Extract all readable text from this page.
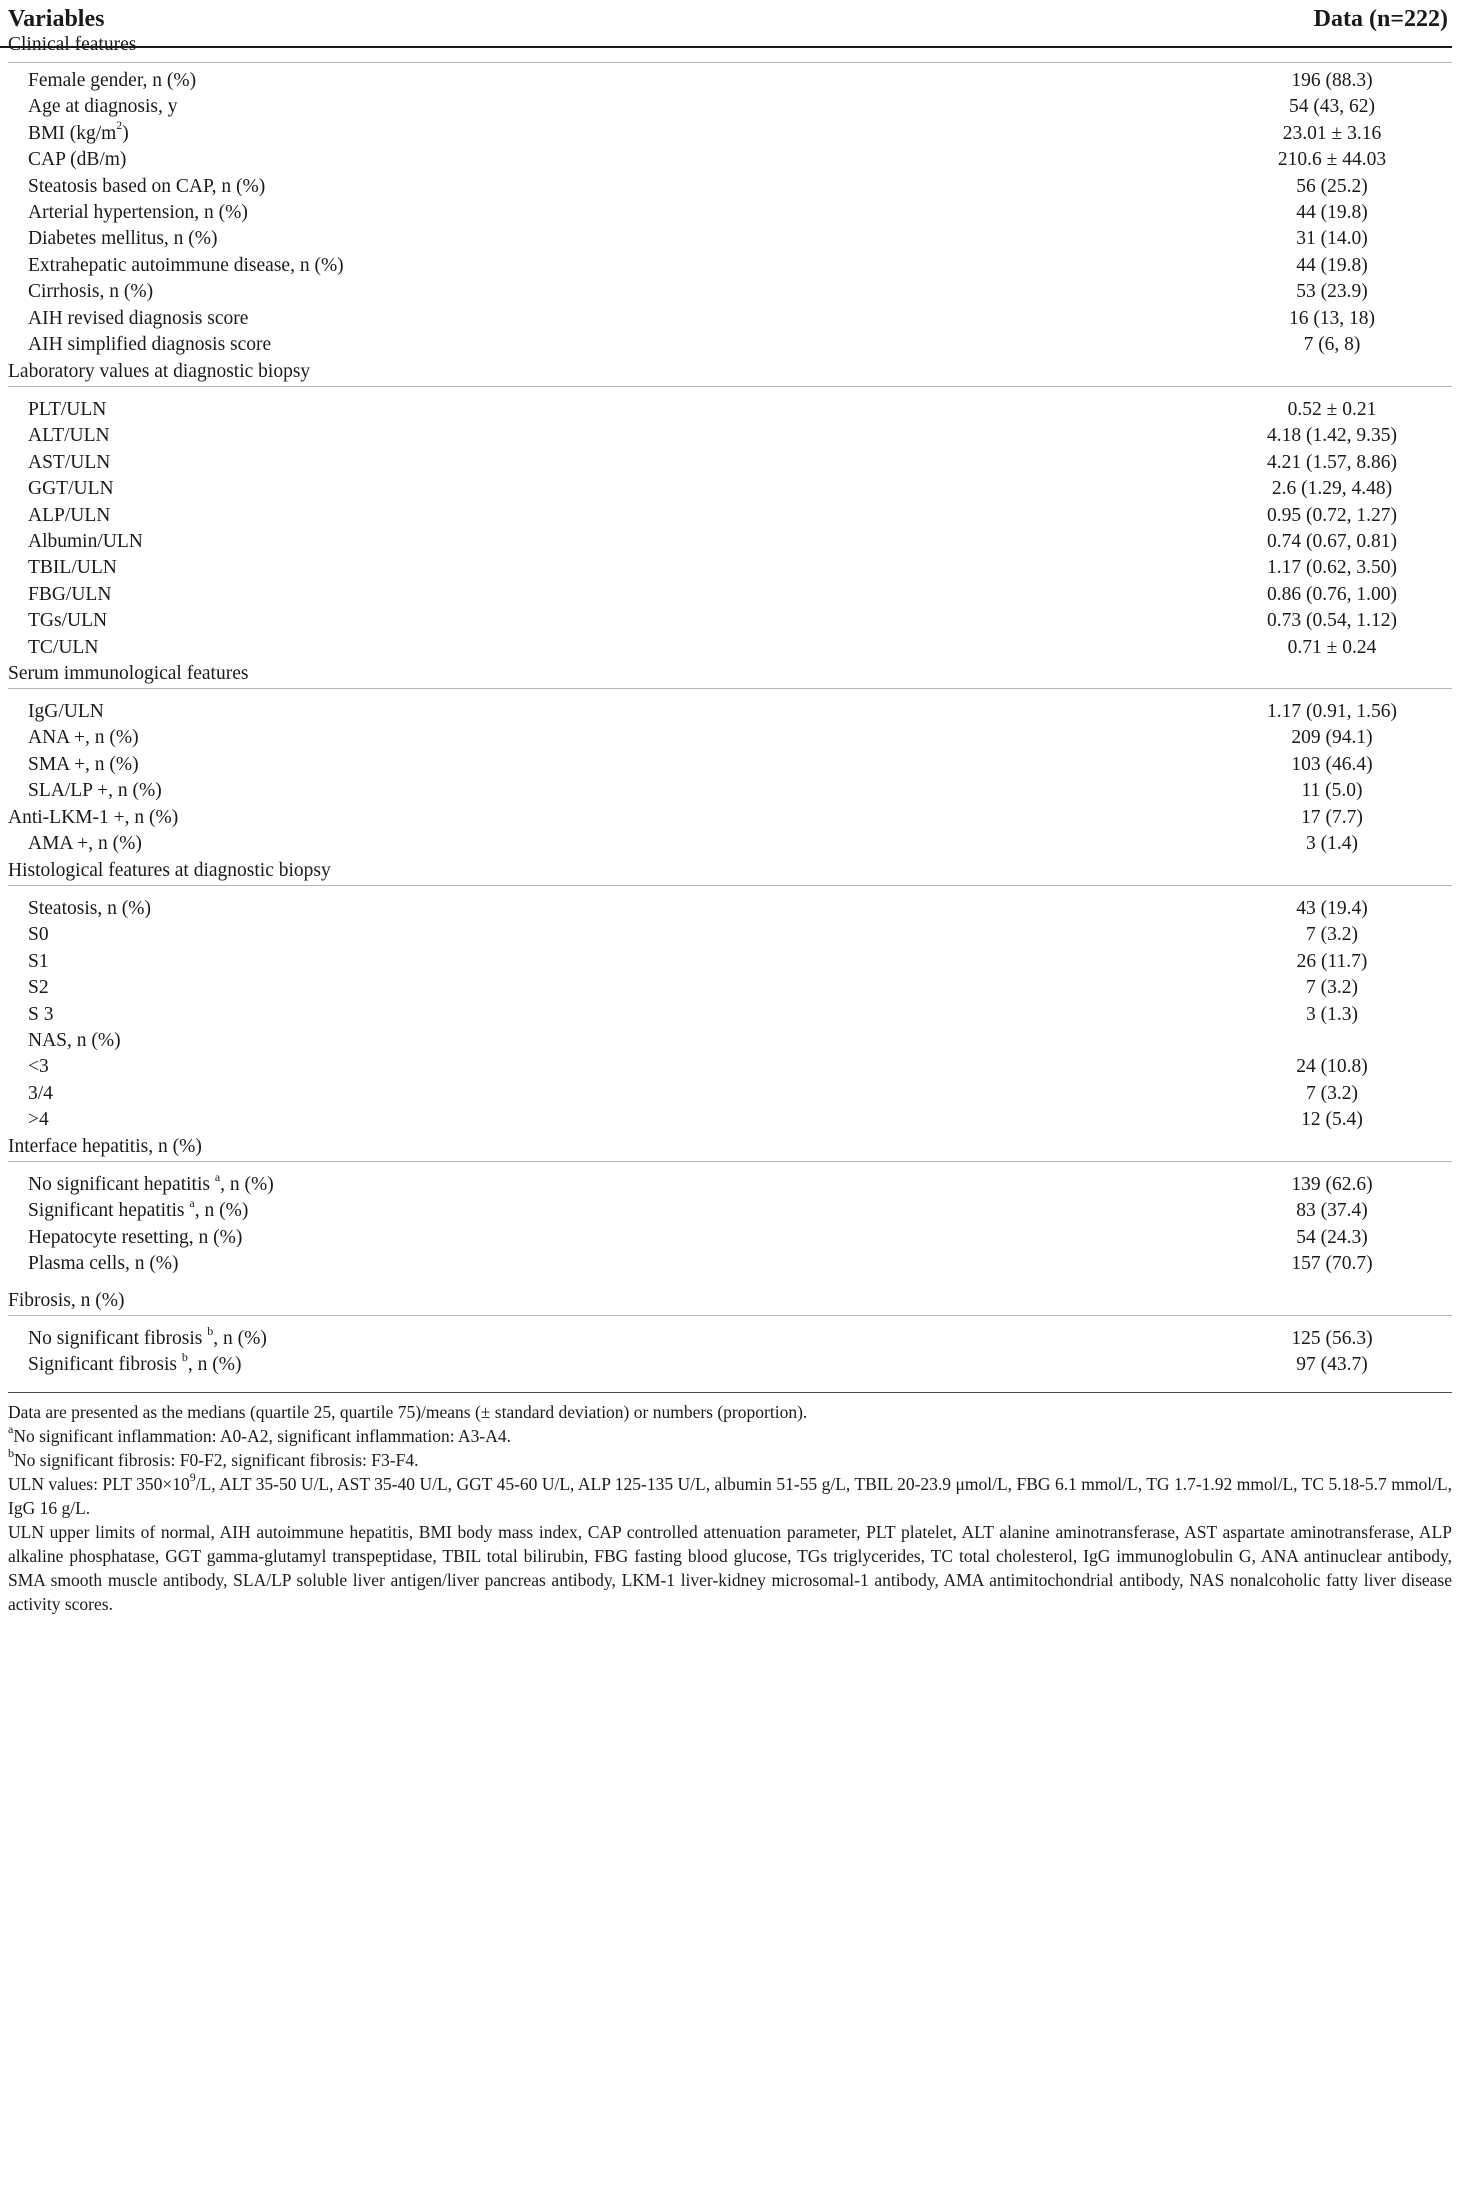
Variables	Data (n=222)
Clinical features
Female gender, n (%)	196 (88.3)
Age at diagnosis, y	54 (43, 62)
BMI $(kg/m^2)$	23.01 ± 3.16
CAP (dB/m)	210.6 ± 44.03
Steatosis based on CAP, n (%)	56 (25.2)
Arterial hypertension, n (%)	44 (19.8)
Diabetes mellitus, n (%)	31 (14.0)
Extrahepatic autoimmune disease, n (%)	44 (19.8)
Cirrhosis, n (%)	53 (23.9)
AIH revised diagnosis score	16 (13, 18)
AIH simplified diagnosis score	7 (6, 8)
Laboratory values at diagnostic biopsy
PLT/ULN	0.52 ± 0.21
ALT/ULN	4.18 (1.42, 9.35)
AST/ULN	4.21 (1.57, 8.86)
GGT/ULN	2.6 (1.29, 4.48)
ALP/ULN	0.95 (0.72, 1.27)
Albumin/ULN	0.74 (0.67, 0.81)
TBIL/ULN	1.17 (0.62, 3.50)
FBG/ULN	0.86 (0.76, 1.00)
TGs/ULN	0.73 (0.54, 1.12)
TC/ULN	0.71 ± 0.24
Serum immunological features
IgG/ULN	1.17 (0.91, 1.56)
ANA +, n (%)	209 (94.1)
SMA +, n (%)	103 (46.4)
SLA/LP +, n (%)	11 (5.0)
Anti-LKM-1 +, n (%)	17 (7.7)
AMA +, n (%)	3 (1.4)
Histological features at diagnostic biopsy
Steatosis, n (%)	43 (19.4)
S0	7 (3.2)
S1	26 (11.7)
S2	7 (3.2)
S 3	3 (1.3)
NAS, n (%)
<3	24 (10.8)
3/4	7 (3.2)
>4	12 (5.4)
Interface hepatitis, n (%)
No significant hepatitis $^a$, n (%)	139 (62.6)
Significant hepatitis $^a$, n (%)	83 (37.4)
Hepatocyte resetting, n (%)	54 (24.3)
Plasma cells, n (%)	157 (70.7)
Fibrosis, n (%)
No significant fibrosis $^b$, n (%)	125 (56.3)
Significant fibrosis $^b$, n (%)	97 (43.7)

Data are presented as the medians (quartile 25, quartile 75)/means (± standard deviation) or numbers (proportion).

$^a$No significant inflammation: A0-A2, significant inflammation: A3-A4.

$^b$No significant fibrosis: F0-F2, significant fibrosis: F3-F4.

ULN values: PLT $350\times 10^9/L$, ALT 35-50 U/L, AST 35-40 U/L, GGT 45-60 U/L, ALP 125-135 U/L, albumin 51-55 g/L, TBIL 20-23.9 μmol/L, FBG 6.1 mmol/L, TG 1.7-1.92 mmol/L, TC 5.18-5.7 mmol/L, IgG 16 g/L.

ULN upper limits of normal, AIH autoimmune hepatitis, BMI body mass index, CAP controlled attenuation parameter, PLT platelet, ALT alanine aminotransferase, AST aspartate aminotransferase, ALP alkaline phosphatase, GGT gamma-glutamyl transpeptidase, TBIL total bilirubin, FBG fasting blood glucose, TGs triglycerides, TC total cholesterol, IgG immunoglobulin G, ANA antinuclear antibody, SMA smooth muscle antibody, SLA/LP soluble liver antigen/liver pancreas antibody, LKM-1 liver-kidney microsomal-1 antibody, AMA antimitochondrial antibody, NAS nonalcoholic fatty liver disease activity scores.
